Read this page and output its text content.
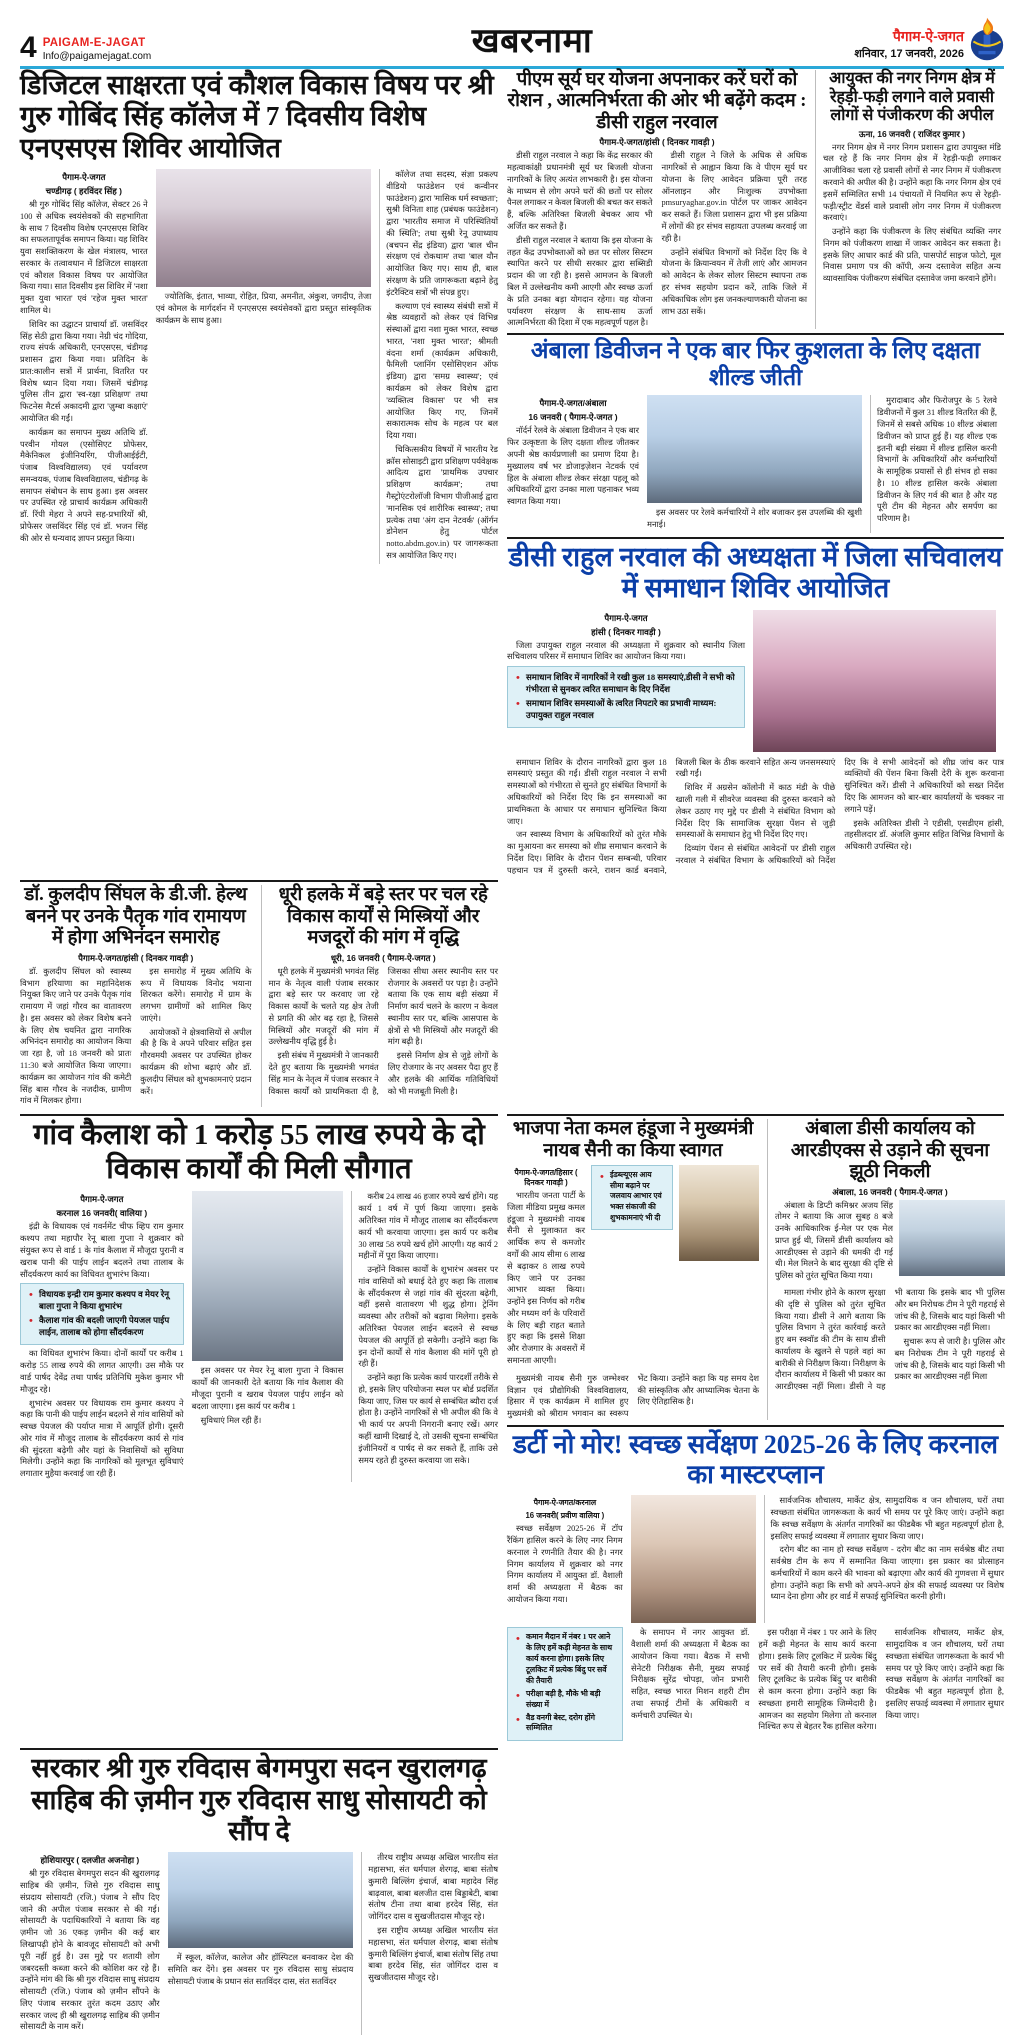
4 PAIGAM-E-JAGAT
Info@paigamejagat.com	खबरनामा	पैगाम-ऐ-जगत
शनिवार, 17 जनवरी, 2026
डिजिटल साक्षरता एवं कौशल विकास विषय पर श्री गुरु गोबिंद सिंह कॉलेज में 7 दिवसीय विशेष एनएसएस शिविर आयोजित
पैगाम-ऐ-जगत
चण्डीगढ़ ( हरविंदर सिंह )

श्री गुरु गोबिंद सिंह कॉलेज, सेक्टर 26 ने 100 से अधिक स्वयंसेवकों की सहभागिता के साथ 7 दिवसीय विशेष एनएसएस शिविर का सफलतापूर्वक समापन किया। यह शिविर युवा सशक्तिकरण के खेल मंत्रालय, भारत सरकार के तत्वावधान में डिजिटल साक्षरता एवं कौशल विकास विषय पर आयोजित किया गया। सात दिवसीय इस शिविर में 'नशा मुक्त युवा भारत' एवं 'रहेज मुक्त भारत' शामिल थे।

शिविर का उद्घाटन प्राचार्या डॉ. जसविंदर सिंह सेठी द्वारा किया गया। नेग्री चंद गोदिया, राज्य संपर्क अधिकारी, एनएसएस, चंडीगढ़ प्रशासन द्वारा किया गया। प्रतिदिन के प्रात:कालीन सत्रों में प्रार्थना, वितरित पर विशेष ध्यान दिया गया। जिसमें चंडीगढ़ पुलिस तीन द्वारा 'स्व-रक्षा प्रशिक्षण' तथा फिटनेस मैटर्स अकादमी द्वारा 'ज़ुम्बा कक्षाएं' आयोजित की गईं।

कार्यक्रम का समापन मुख्य अतिथि डॉ. परवीन गोयल (एसोसिएट प्रोफेसर, मैकेनिकल इंजीनियरिंग, पीजीआईईटी, पंजाब विश्वविद्यालय) एवं पर्यावरण समन्वयक, पंजाब विश्वविद्यालय, चंडीगढ़ के समापन संबोधन के साथ हुआ। इस अवसर पर उपस्थित रहे प्राचार्य कार्यक्रम अधिकारी डॉ. रिंपी मेहरा ने अपने सह-प्रभारियों श्री, प्रोफेसर जसविंदर सिंह एवं डॉ. भजन सिंह की ओर से धन्यवाद ज्ञापन प्रस्तुत किया।

ज्योतिकि, इंतात, भाव्या, रोहित, प्रिया, अमनीत, अंकुश, जगदीप, तेजा एवं कोमल के मार्गदर्शन में एनएसएस स्वयंसेवकों द्वारा प्रस्तुत सांस्कृतिक कार्यक्रम के साथ हुआ।

कॉलेज तथा सदस्य, संज्ञा प्रकल्प वीडियो फाउंडेशन एवं कन्वीनर फाउंडेशन) द्वारा 'मासिक धर्म स्वच्छता'; सुश्री विनिता शाह (प्रबंधक फाउंडेशन) द्वारा 'भारतीय समाज में परिस्थितियों की स्थिति'; तथा सुश्री रेनू उपाध्याय (बचपन सेंद्र इंडिया) द्वारा 'बाल चीन संरक्षण एवं रोकथाम' तथा 'बाल यौन आयोजित किए गए। साथ ही, बाल संरक्षण के प्रति जागरूकता बढ़ाने हेतु इंटरैक्टिव सत्रों भी संपन्न हुए।

कल्याण एवं स्वास्थ्य संबंधी सत्रों में श्रेष्ठ व्यवहारों को लेकर एवं विभिन्न संस्थाओं द्वारा नशा मुक्त भारत, स्वच्छ भारत, 'नशा मुक्त भारत'; श्रीमती वंदना शर्मा (कार्यक्रम अधिकारी, फैमिली प्लानिंग एसोसिएशन ऑफ इंडिया) द्वारा 'समग्र स्वास्थ्य'; एवं कार्यक्रम को लेकर विशेष द्वारा 'व्यक्तित्व विकास' पर भी सत्र आयोजित किए गए, जिनमें सकारात्मक सोच के महत्व पर बल दिया गया।

चिकित्सकीय विषयों में भारतीय रेड क्रॉस सोसाइटी द्वारा प्रशिक्षण पर्यवेक्षक आदित्य द्वारा 'प्राथमिक उपचार प्रशिक्षण कार्यक्रम'; तथा गैस्ट्रोएंटरोलॉजी विभाग पीजीआई द्वारा 'मानसिक एवं शारीरिक स्वास्थ्य'; तथा प्रत्येक तथा 'अंग दान नेटवर्क' (ऑर्गन डोनेशन हेतु पोर्टल notto.abdm.gov.in) पर जागरूकता सत्र आयोजित किए गए।

पीएम सूर्य घर योजना अपनाकर करें घरों को रोशन , आत्मनिर्भरता की ओर भी बढ़ेंगे कदम : डीसी राहुल नरवाल
पैगाम-ऐ-जगत/हांसी ( दिनकर गावड़ी )

डीसी राहुल नरवाल ने कहा कि केंद्र सरकार की महत्वाकांक्षी प्रधानमंत्री सूर्य घर बिजली योजना नागरिकों के लिए अत्यंत लाभकारी है। इस योजना के माध्यम से लोग अपने घरों की छतों पर सोलर पैनल लगाकर न केवल बिजली की बचत कर सकते हैं, बल्कि अतिरिक्त बिजली बेचकर आय भी अर्जित कर सकते हैं।

डीसी राहुल नरवाल ने बताया कि इस योजना के तहत केंद्र उपभोक्ताओं को छत पर सोलर सिस्टम स्थापित करने पर सीधी सरकार द्वारा सब्सिडी प्रदान की जा रही है। इससे आमजन के बिजली बिल में उल्लेखनीय कमी आएगी और स्वच्छ ऊर्जा के प्रति उनका बड़ा योगदान रहेगा। यह योजना पर्यावरण संरक्षण के साथ-साथ ऊर्जा आत्मनिर्भरता की दिशा में एक महत्वपूर्ण पहल है।

डीसी राहुल ने जिले के अधिक से अधिक नागरिकों से आह्वान किया कि वे पीएम सूर्य घर योजना के लिए आवेदन प्रक्रिया पूरी तरह ऑनलाइन और निःशुल्क उपभोक्ता pmsuryaghar.gov.in पोर्टल पर जाकर आवेदन कर सकते हैं। जिला प्रशासन द्वारा भी इस प्रक्रिया में लोगों की हर संभव सहायता उपलब्ध करवाई जा रही है।

उन्होंने संबंधित विभागों को निर्देश दिए कि वे योजना के क्रियान्वयन में तेजी लाएं और आमजन को आवेदन के लेकर सोलर सिस्टम स्थापना तक हर संभव सहयोग प्रदान करें, ताकि जिले में अधिकाधिक लोग इस जनकल्याणकारी योजना का लाभ उठा सकें।

आयुक्त की नगर निगम क्षेत्र में रेहड़ी-फड़ी लगाने वाले प्रवासी लोगों से पंजीकरण की अपील
ऊना, 16 जनवरी ( राजिंदर कुमार )

नगर निगम क्षेत्र में नगर निगम प्रशासन द्वारा उपायुक्त मंडि चल रहे हैं कि नगर निगम क्षेत्र में रेहड़ी-फड़ी लगाकर आजीविका चला रहे प्रवासी लोगों से नगर निगम में पंजीकरण करवाने की अपील की है। उन्होंने कहा कि नगर निगम क्षेत्र एवं इसमें सम्मिलित सभी 14 पंचायतों में नियमित रूप से रेहड़ी-फड़ी/स्ट्रीट वेंडर्स वाले प्रवासी लोग नगर निगम में पंजीकरण करवाएं।

उन्होंने कहा कि पंजीकरण के लिए संबंधित व्यक्ति नगर निगम को पंजीकरण शाखा में जाकर आवेदन कर सकता है। इसके लिए आधार कार्ड की प्रति, पासपोर्ट साइज फोटो, मूल निवास प्रमाण पत्र की कॉपी, अन्य दस्तावेज सहित अन्य व्यावसायिक पंजीकरण संबंधित दस्तावेज जमा करवाने होंगे।

अंबाला डिवीजन ने एक बार फिर कुशलता के लिए दक्षता शील्ड जीती
पैगाम-ऐ-जगत/अंबाला
16 जनवरी ( पैगाम-ऐ-जगत )

नॉर्दर्न रेलवे के अंबाला डिवीजन ने एक बार फिर उत्कृष्टता के लिए दक्षता शील्ड जीतकर अपनी श्रेष्ठ कार्यप्रणाली का प्रमाण दिया है। मुख्यालय वर्ष भर डोजाइज़ेशन नेटवर्क एवं हिल के अंबाला शील्ड लेकर संरक्षा पहलू को अधिकारियों द्वारा उनका माला पहनाकर भव्य स्वागत किया गया।

इस अवसर पर रेलवे कर्मचारियों ने शोर बजाकर इस उपलब्धि की खुशी मनाई।

मुरादाबाद और फिरोजपुर के 5 रेलवे डिवीजनों में कुल 31 शील्ड वितरित की हैं, जिनमें से सबसे अधिक 10 शील्ड अंबाला डिवीजन को प्राप्त हुई हैं। यह शील्ड एक इतनी बड़ी संख्या में शील्ड हासिल करनी विभागों के अधिकारियों और कर्मचारियों के सामूहिक प्रयासों से ही संभव हो सका है। 10 शील्ड हासिल करके अंबाला डिवीजन के लिए गर्व की बात है और यह पूरी टीम की मेहनत और समर्पण का परिणाम है।

डीसी राहुल नरवाल की अध्यक्षता में जिला सचिवालय में समाधान शिविर आयोजित
पैगाम-ऐ-जगत
हांसी ( दिनकर गावड़ी )

जिला उपायुक्त राहुल नरवाल की अध्यक्षता में शुक्रवार को स्थानीय जिला सचिवालय परिसर में समाधान शिविर का आयोजन किया गया।

• समाधान शिविर में नागरिकों ने रखी कुल 18 समस्याएं,डीसी ने सभी को गंभीरता से सुनकर त्वरित समाधान के दिए निर्देश
• समाधान शिविर समस्याओं के त्वरित निपटारे का प्रभावी माध्यम: उपायुक्त राहुल नरवाल

समाधान शिविर के दौरान नागरिकों द्वारा कुल 18 समस्याएं प्रस्तुत की गईं। डीसी राहुल नरवाल ने सभी समस्याओं को गंभीरता से सुनते हुए संबंधित विभागों के अधिकारियों को निर्देश दिए कि इन समस्याओं का प्राथमिकता के आधार पर समाधान सुनिश्चित किया जाए।

जन स्वास्थ्य विभाग के अधिकारियों को तुरंत मौके का मुआयना कर समस्या को शीघ्र समाधान करवाने के निर्देश दिए। शिविर के दौरान पेंशन सम्बन्धी, परिवार पहचान पत्र में दुरुस्ती करने, राशन कार्ड बनवाने, बिजली बिल के ठीक करवाने सहित अन्य जनसमस्याएं रखी गईं।

शिविर में अग्रसेन कॉलोनी में काठ मंडी के पीछे खाली गली में सीवरेज व्यवस्था की दुरुस्त करवाने को लेकर उठाए गए मुद्दे पर डीसी ने संबंधित विभाग को निर्देश दिए कि सामाजिक सुरक्षा पेंशन से जुड़ी समस्याओं के समाधान हेतु भी निर्देश दिए गए।

दिव्यांग पेंशन से संबंधित आवेदनों पर डीसी राहुल नरवाल ने संबंधित विभाग के अधिकारियों को निर्देश दिए कि वे सभी आवेदनों को शीघ्र जांच कर पात्र व्यक्तियों की पेंशन बिना किसी देरी के शुरू करवाना सुनिश्चित करें। डीसी ने अधिकारियों को सख्त निर्देश दिए कि आमजन को बार-बार कार्यालयों के चक्कर ना लगाने पड़ें।

इसके अतिरिक्त डीसी ने एडीसी, एसडीएम हांसी, तहसीलदार डॉ. अंजलि कुमार सहित विभिन्न विभागों के अधिकारी उपस्थित रहे।

डॉ. कुलदीप सिंघल के डी.जी. हेल्थ बनने पर उनके पैतृक गांव रामायण में होगा अभिनंदन समारोह
पैगाम-ऐ-जगत/हांसी ( दिनकर गावड़ी )

डॉ. कुलदीप सिंघल को स्वास्थ्य विभाग हरियाणा का महानिदेशक नियुक्त किए जाने पर उनके पैतृक गांव रामायण में जहां गौरव का वातावरण है। इस अवसर को लेकर विशेष बनने के लिए शेष चयनित द्वारा नागरिक अभिनंदन समारोह का आयोजन किया जा रहा है, जो 18 जनवरी को प्रातः 11:30 बजे आयोजित किया जाएगा। कार्यक्रम का आयोजन गांव की कमेटी सिंह बास गौरव के नजदीक, ग्रामीण गांव में मिलकर होगा।

इस समारोह में मुख्य अतिथि के रूप में विधायक विनोद भयाना शिरकत करेंगे। समारोह में ग्राम के लगभग ग्रामीणों को शामिल किए जाएंगे।

आयोजकों ने क्षेत्रवासियों से अपील की है कि वे अपने परिवार सहित इस गौरवमयी अवसर पर उपस्थित होकर कार्यक्रम की शोभा बढ़ाएं और डॉ. कुलदीप सिंघल को शुभकामनाएं प्रदान करें।

धूरी हलके में बड़े स्तर पर चल रहे विकास कार्यों से मिस्त्रियों और मजदूरों की मांग में वृद्धि
धूरी, 16 जनवरी ( पैगाम-ऐ-जगत )

धूरी हलके में मुख्यमंत्री भगवंत सिंह मान के नेतृत्व वाली पंजाब सरकार द्वारा बड़े स्तर पर करवाए जा रहे विकास कार्यों के चलते यह क्षेत्र तेजी से प्रगति की ओर बढ़ रहा है, जिससे मिस्त्रियों और मजदूरों की मांग में उल्लेखनीय वृद्धि हुई है।

इसी संबंध में मुख्यमंत्री ने जानकारी देते हुए बताया कि मुख्यमंत्री भगवंत सिंह मान के नेतृत्व में पंजाब सरकार ने विकास कार्यों को प्राथमिकता दी है, जिसका सीधा असर स्थानीय स्तर पर रोजगार के अवसरों पर पड़ा है। उन्होंने बताया कि एक साथ बड़ी संख्या में निर्माण कार्य चलने के कारण न केवल स्थानीय स्तर पर, बल्कि आसपास के क्षेत्रों से भी मिस्त्रियों और मजदूरों की मांग बढ़ी है।

इससे निर्माण क्षेत्र से जुड़े लोगों के लिए रोजगार के नए अवसर पैदा हुए हैं और हलके की आर्थिक गतिविधियों को भी मजबूती मिली है।

गांव कैलाश को 1 करोड़ 55 लाख रुपये के दो विकास कार्यों की मिली सौगात
पैगाम-ऐ-जगत
करनाल 16 जनवरी( वालिया )

इंद्री के विधायक एवं गवर्नमेंट चीफ व्हिप राम कुमार कश्यप तथा महापौर रेनू बाला गुप्ता ने शुक्रवार को संयुक्त रूप से वार्ड 1 के गांव कैलाश में मौजूदा पुरानी व खराब पानी की पाईप लाईन बदलने तथा तालाब के सौंदर्यकरण कार्य का विधिवत शुभारंभ किया।

• विधायक इन्द्री राम कुमार कश्यप व मेयर रेनू बाला गुप्ता ने किया शुभारंभ
• कैलाश गांव की बदली जाएगी पेयजल पाईप लाईन, तालाब को होगा सौंदर्यकरण

का विधिवत शुभारंभ किया। दोनों कार्यों पर करीब 1 करोड़ 55 लाख रुपये की लागत आएगी। उस मौके पर वार्ड पार्षद देवेंद्र तथा पार्षद प्रतिनिधि मुकेश कुमार भी मौजूद रहे।

शुभारंभ अवसर पर विधायक राम कुमार कश्यप ने कहा कि पानी की पाईप लाईन बदलने से गांव वासियों को स्वच्छ पेयजल की पर्याप्त मात्रा में आपूर्ति होगी। दूसरी ओर गांव में मौजूद तालाब के सौंदर्यकरण कार्य से गांव की सुंदरता बढ़ेगी और यहां के निवासियों को सुविधा मिलेगी। उन्होंने कहा कि नागरिकों को मूलभूत सुविधाएं लगातार मुहैया करवाई जा रही हैं।

इस अवसर पर मेयर रेनू बाला गुप्ता ने विकास कार्यों की जानकारी देते बताया कि गांव कैलाश की मौजूदा पुरानी व खराब पेयजल पाईप लाईन को बदला जाएगा। इस कार्य पर करीब 1

सुविधाएं मिल रही हैं।

करीब 24 लाख 46 हजार रुपये खर्च होंगे। यह कार्य 1 वर्ष में पूर्ण किया जाएगा। इसके अतिरिक्त गांव में मौजूद तालाब का सौंदर्यकरण कार्य भी करवाया जाएगा। इस कार्य पर करीब 30 लाख 58 रुपये खर्च होंगे आएगी। यह कार्य 2 महीनों में पूरा किया जाएगा।

उन्होंने विकास कार्यों के शुभारंभ अवसर पर गांव वासियों को बधाई देते हुए कहा कि तालाब के सौंदर्यकरण से जहां गांव की सुंदरता बढ़ेगी, वहीं इससे वातावरण भी शुद्ध होगा। ट्रेनिंग व्यवस्था और तरीकों को बढ़ावा मिलेगा। इसके अतिरिक्त पेयजल लाईन बदलने से स्वच्छ पेयजल की आपूर्ति हो सकेगी। उन्होंने कहा कि इन दोनों कार्यों से गांव कैलाश की मांगें पूरी हो रही हैं।

उन्होंने कहा कि प्रत्येक कार्य पारदर्शी तरीके से हो, इसके लिए परियोजना स्थल पर बोर्ड प्रदर्शित किया जाए, जिस पर कार्य से सम्बंधित ब्यौरा दर्ज होता है। उन्होंने नागरिकों से भी अपील की कि वे भी कार्य पर अपनी निगरानी बनाए रखें। अगर कहीं खामी दिखाई दे, तो उसकी सूचना सम्बंधित इंजीनियरों व पार्षद से कर सकते हैं, ताकि उसे समय रहते ही दुरुस्त करवाया जा सके।

भाजपा नेता कमल हंडूजा ने मुख्यमंत्री नायब सैनी का किया स्वागत
पैगाम-ऐ-जगत/हिसार ( दिनकर गावड़ी )

भारतीय जनता पार्टी के जिला मीडिया प्रमुख कमल हंडूजा ने मुख्यमंत्री नायब सैनी से मुलाकात कर आर्थिक रूप से कमजोर वर्गों की आय सीमा 6 लाख से बढ़ाकर 8 लाख रुपये किए जाने पर उनका आभार व्यक्त किया। उन्होंने इस निर्णय को गरीब और मध्यम वर्ग के परिवारों के लिए बड़ी राहत बताते हुए कहा कि इससे शिक्षा और रोजगार के अवसरों में समानता आएगी।

• ईडब्ल्यूएस आय सीमा बढ़ाने पर जलवाय आभार एवं भक्त संकाजी की शुभकामनाएं भी दी

मुख्यमंत्री नायब सैनी गुरु जम्भेश्वर विज्ञान एवं प्रौद्योगिकी विश्वविद्यालय, हिसार में एक कार्यक्रम में शामिल हुए मुख्यमंत्री को श्रीराम भगवान का स्वरूप भेंट किया। उन्होंने कहा कि यह समय देश की सांस्कृतिक और आध्यात्मिक चेतना के लिए ऐतिहासिक है।

अंबाला डीसी कार्यालय को आरडीएक्स से उड़ाने की सूचना झूठी निकली
अंबाला, 16 जनवरी ( पैगाम-ऐ-जगत )

अंबाला के डिप्टी कमिश्नर अजय सिंह तोमर ने बताया कि आज सुबह 8 बजे उनके आधिकारिक ई-मेल पर एक मेल प्राप्त हुई थी, जिसमें डीसी कार्यालय को आरडीएक्स से उड़ाने की धमकी दी गई थी। मेल मिलने के बाद सुरक्षा की दृष्टि से पुलिस को तुरंत सूचित किया गया।

मामला गंभीर होने के कारण सुरक्षा की दृष्टि से पुलिस को तुरंत सूचित किया गया। डीसी ने आगे बताया कि पुलिस विभाग ने तुरंत कार्रवाई करते हुए बम स्क्वॉड की टीम के साथ डीसी कार्यालय के खुलने से पहले वहां का बारीकी से निरीक्षण किया। निरीक्षण के दौरान कार्यालय में किसी भी प्रकार का आरडीएक्स नहीं मिला। डीसी ने यह भी बताया कि इसके बाद भी पुलिस और बम निरोधक टीम ने पूरी गहराई से जांच की है, जिसके बाद यहां किसी भी प्रकार का आरडीएक्स नहीं मिला।

सुचारू रूप से जारी है। पुलिस और बम निरोधक टीम ने पूरी गहराई से जांच की है, जिसके बाद यहां किसी भी प्रकार का आरडीएक्स नहीं मिला

डर्टी नो मोर! स्वच्छ सर्वेक्षण 2025-26 के लिए करनाल का मास्टरप्लान
पैगाम-ऐ-जगत/करनाल
16 जनवरी( प्रवीण वालिया )

स्वच्छ सर्वेक्षण 2025-26 में टॉप रैंकिंग हासिल करने के लिए नगर निगम करनाल ने रणनीति तैयार की है। नगर निगम कार्यालय में शुक्रवार को नगर निगम कार्यालय में आयुक्त डॉ. वैशाली शर्मा की अध्यक्षता में बैठक का आयोजन किया गया।

सार्वजनिक शौचालय, मार्केट क्षेत्र, सामुदायिक व जन शौचालय, घरों तथा स्वच्छता संबंधित जागरूकता के कार्य भी समय पर पूरे किए जाएं। उन्होंने कहा कि स्वच्छ सर्वेक्षण के अंतर्गत नागरिकों का फीडबैक भी बहुत महत्वपूर्ण होता है, इसलिए सफाई व्यवस्था में लगातार सुधार किया जाए।

दरोग बीट का नाम हो स्वच्छ सर्वेक्षण - दरोग बीट का नाम सर्वश्रेष्ठ बीट तथा सर्वश्रेष्ठ टीम के रूप में सम्मानित किया जाएगा। इस प्रकार का प्रोत्साहन कर्मचारियों में काम करने की भावना को बढ़ाएगा और कार्य की गुणवत्ता में सुधार होगा। उन्होंने कहा कि सभी को अपने-अपने क्षेत्र की सफाई व्यवस्था पर विशेष ध्यान देना होगा और हर वार्ड में सफाई सुनिश्चित करनी होगी।

• कमान मैदान में नंबर 1 पर आने के लिए हमें कड़ी मेहनत के साथ कार्य करना होगा। इसके लिए टूलकिट में प्रत्येक बिंदु पर सर्वे की तैयारी
• परीक्षा बड़ी है, मौके भी बड़ी संख्या में
• वैड वनगी बेस्ट, दरोग होंगे सम्मिलित

के समापन में नगर आयुक्त डॉ. वैशाली शर्मा की अध्यक्षता में बैठक का आयोजन किया गया। बैठक में सभी सेनेटरी निरीक्षक सैनी, मुख्य सफाई निरीक्षक सुरेंद्र चोपड़ा, जोन प्रभारी सहित, स्वच्छ भारत मिशन शहरी टीम तथा सफाई टीमों के अधिकारी व कर्मचारी उपस्थित थे।

इस परीक्षा में नंबर 1 पर आने के लिए हमें कड़ी मेहनत के साथ कार्य करना होगा। इसके लिए टूलकिट में प्रत्येक बिंदु पर सर्वे की तैयारी करनी होगी। इसके लिए टूलकिट के प्रत्येक बिंदु पर बारीकी से काम करना होगा। उन्होंने कहा कि स्वच्छता हमारी सामूहिक जिम्मेदारी है। आमजन का सहयोग मिलेगा तो करनाल निश्चित रूप से बेहतर रैंक हासिल करेगा।

सार्वजनिक शौचालय, मार्केट क्षेत्र, सामुदायिक व जन शौचालय, घरों तथा स्वच्छता संबंधित जागरूकता के कार्य भी समय पर पूरे किए जाएं। उन्होंने कहा कि स्वच्छ सर्वेक्षण के अंतर्गत नागरिकों का फीडबैक भी बहुत महत्वपूर्ण होता है, इसलिए सफाई व्यवस्था में लगातार सुधार किया जाए।

सरकार श्री गुरु रविदास बेगमपुरा सदन खुरालगढ़ साहिब की ज़मीन गुरु रविदास साधु सोसायटी को सौंप दे
होशियारपुर ( दलजीत अजनोहा )

श्री गुरु रविदास बेगमपुरा सदन की खुरालगढ़ साहिब की ज़मीन, जिसे गुरु रविदास साधु संप्रदाय सोसायटी (रजि.) पंजाब ने सौंप दिए जाने की अपील पंजाब सरकार से की गई। सोसायटी के पदाधिकारियों ने बताया कि वह ज़मीन जो 36 एकड़ ज़मीन की कई बार लिखापढ़ी होने के बावजूद सोसायटी को अभी पूरी नहीं हुई है। उस मुद्दे पर शतायी लोग जबरदस्ती कब्जा करने की कोशिश कर रहे हैं। उन्होंने मांग की कि श्री गुरु रविदास साधु संप्रदाय सोसायटी (रजि.) पंजाब को ज़मीन सौंपने के लिए पंजाब सरकार तुरंत कदम उठाए और सरकार जल्द ही श्री खुरालगढ़ साहिब की ज़मीन सोसायटी के नाम करें।

में स्कूल, कॉलेज, कालेज और हॉस्पिटल बनवाकर देश की समिति कर देंगे। इस अवसर पर गुरु रविदास साधु संप्रदाय सोसायटी पंजाब के प्रधान संत सतविंदर दास, संत सतविंदर

तीरथ राष्ट्रीय अध्यक्ष अखिल भारतीय संत महासभा, संत धर्मपाल शेरगढ़, बाबा संतोष कुमारी बिल्लिंग इंचार्ज, बाबा महादेव सिंह बाढ़वाल, बाबा बलजीत दास बिड्डाबेटी, बाबा संतोष टीना तथा बाबा हरदेव सिंह, संत जोगिंदर दास व सुखजीतदास मौजूद रहे।

इस राष्ट्रीय अध्यक्ष अखिल भारतीय संत महासभा, संत धर्मपाल शेरगढ़, बाबा संतोष कुमारी बिल्लिंग इंचार्ज, बाबा संतोष सिंह तथा बाबा हरदेव सिंह, संत जोगिंदर दास व सुखजीतदास मौजूद रहे।
